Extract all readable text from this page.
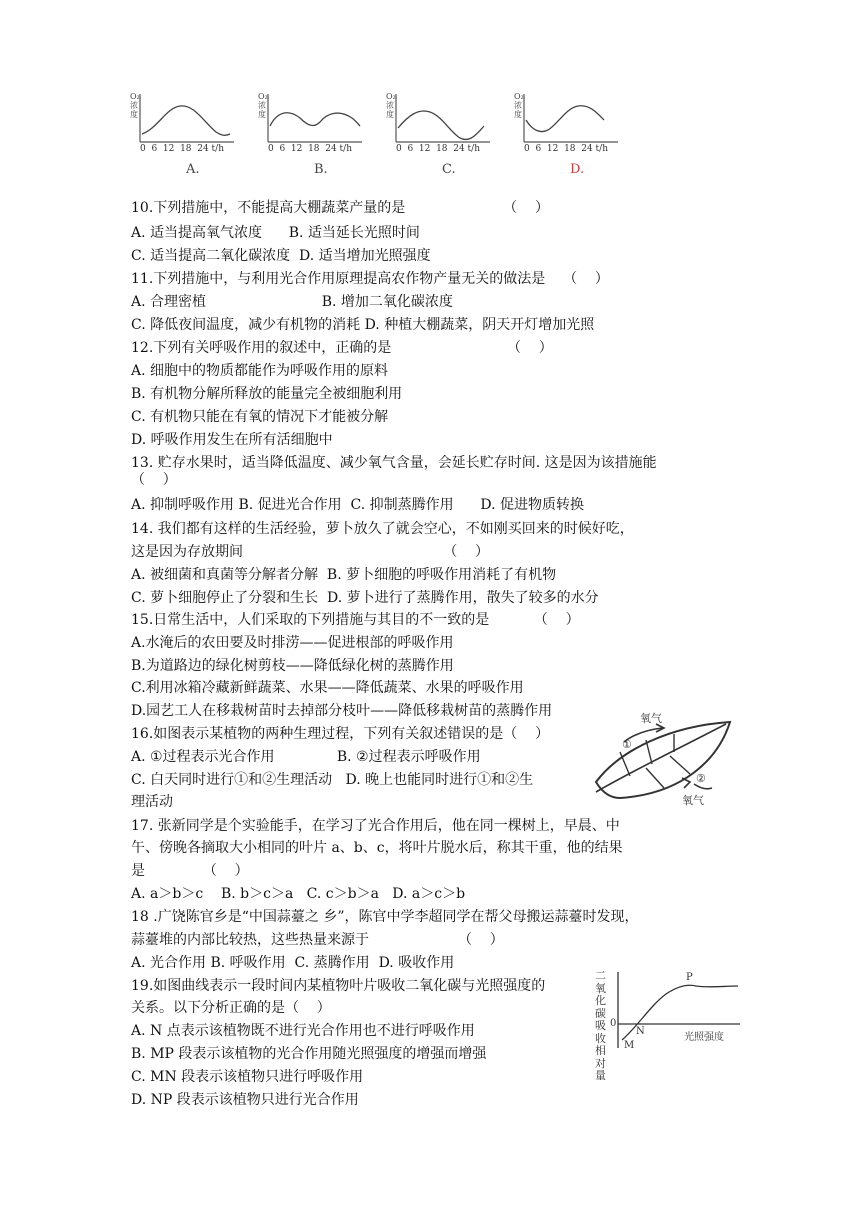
O₂浓度
0  6  12  18  24 t/h
A.
O₂浓度
0  6  12  18  24 t/h
B.
O₂浓度
0  6  12  18  24 t/h
C.
O₂浓度
0  6  12  18  24 t/h
D.
10.下列措施中，不能提高大棚蔬菜产量的是                      （    ）
A. 适当提高氧气浓度      B. 适当延长光照时间
C. 适当提高二氧化碳浓度  D. 适当增加光照强度
11.下列措施中，与利用光合作用原理提高农作物产量无关的做法是    （    ）
A. 合理密植                          B. 增加二氧化碳浓度
C. 降低夜间温度，减少有机物的消耗 D. 种植大棚蔬菜，阴天开灯增加光照
12.下列有关呼吸作用的叙述中，正确的是                          （    ）
A. 细胞中的物质都能作为呼吸作用的原料
B. 有机物分解所释放的能量完全被细胞利用
C. 有机物只能在有氧的情况下才能被分解
D. 呼吸作用发生在所有活细胞中
13. 贮存水果时，适当降低温度、减少氧气含量，会延长贮存时间. 这是因为该措施能
（    ）
A. 抑制呼吸作用 B. 促进光合作用  C. 抑制蒸腾作用      D. 促进物质转换
14. 我们都有这样的生活经验，萝卜放久了就会空心，不如刚买回来的时候好吃，
这是因为存放期间                                             （    ）
A. 被细菌和真菌等分解者分解  B. 萝卜细胞的呼吸作用消耗了有机物
C. 萝卜细胞停止了分裂和生长  D. 萝卜进行了蒸腾作用，散失了较多的水分
15.日常生活中，人们采取的下列措施与其目的不一致的是          （    ）
A.水淹后的农田要及时排涝——促进根部的呼吸作用
B.为道路边的绿化树剪枝——降低绿化树的蒸腾作用
C.利用冰箱冷藏新鲜蔬菜、水果——降低蔬菜、水果的呼吸作用
D.园艺工人在移栽树苗时去掉部分枝叶——降低移栽树苗的蒸腾作用
16.如图表示某植物的两种生理过程，下列有关叙述错误的是（    ）
A. ①过程表示光合作用              B. ②过程表示呼吸作用
C. 白天同时进行①和②生理活动   D. 晚上也能同时进行①和②生
理活动
17. 张新同学是个实验能手，在学习了光合作用后，他在同一棵树上，早晨、中
午、傍晚各摘取大小相同的叶片 a、b、c，将叶片脱水后，称其干重，他的结果
是             （    ）
A. a＞b＞c    B. b＞c＞a   C. c＞b＞a   D. a＞c＞b
18 .广饶陈官乡是“中国蒜薹之 乡”，陈官中学李超同学在帮父母搬运蒜薹时发现，
蒜薹堆的内部比较热，这些热量来源于                    （    ）
A. 光合作用 B. 呼吸作用  C. 蒸腾作用  D. 吸收作用
19.如图曲线表示一段时间内某植物叶片吸收二氧化碳与光照强度的
关系。以下分析正确的是（    ）
A. N 点表示该植物既不进行光合作用也不进行呼吸作用
B. MP 段表示该植物的光合作用随光照强度的增强而增强
C. MN 段表示该植物只进行呼吸作用
D. NP 段表示该植物只进行光合作用
氧气
①
②
氧气
二氧化碳吸收相对量
0
P
N
M
光照强度
